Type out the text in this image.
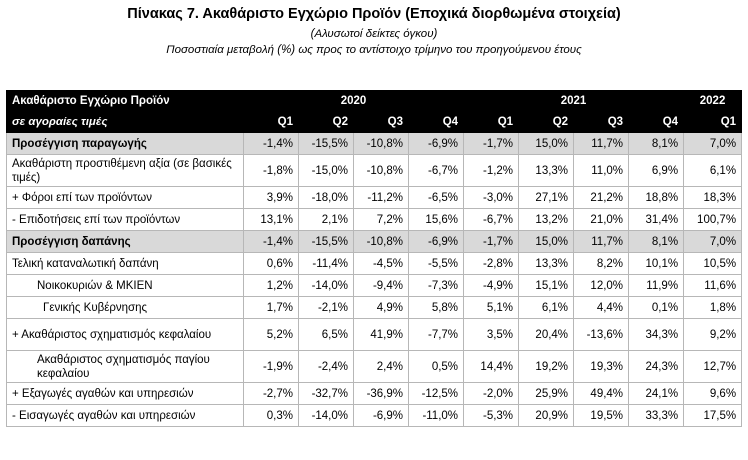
Πίνακας 7. Ακαθάριστο Εγχώριο Προϊόν (Εποχικά διορθωμένα στοιχεία)
(Αλυσωτοί δείκτες όγκου)
Ποσοστιαία μεταβολή (%) ως προς το αντίστοιχο τρίμηνο του προηγούμενου έτους
Ακαθάριστο Εγχώριο Προϊόν	2020				2021				2022
σε αγοραίες τιμές	Q1	Q2	Q3	Q4	Q1	Q2	Q3	Q4	Q1
Προσέγγιση παραγωγής	-1,4%	-15,5%	-10,8%	-6,9%	-1,7%	15,0%	11,7%	8,1%	7,0%
Ακαθάριστη προστιθέμενη αξία (σε βασικές τιμές)	-1,8%	-15,0%	-10,8%	-6,7%	-1,2%	13,3%	11,0%	6,9%	6,1%
+ Φόροι επί των προϊόντων	3,9%	-18,0%	-11,2%	-6,5%	-3,0%	27,1%	21,2%	18,8%	18,3%
- Επιδοτήσεις επί των προϊόντων	13,1%	2,1%	7,2%	15,6%	-6,7%	13,2%	21,0%	31,4%	100,7%
Προσέγγιση δαπάνης	-1,4%	-15,5%	-10,8%	-6,9%	-1,7%	15,0%	11,7%	8,1%	7,0%
Τελική καταναλωτική δαπάνη	0,6%	-11,4%	-4,5%	-5,5%	-2,8%	13,3%	8,2%	10,1%	10,5%
Νοικοκυριών & ΜΚΙΕΝ	1,2%	-14,0%	-9,4%	-7,3%	-4,9%	15,1%	12,0%	11,9%	11,6%
Γενικής Κυβέρνησης	1,7%	-2,1%	4,9%	5,8%	5,1%	6,1%	4,4%	0,1%	1,8%
+ Ακαθάριστος σχηματισμός κεφαλαίου	5,2%	6,5%	41,9%	-7,7%	3,5%	20,4%	-13,6%	34,3%	9,2%
Ακαθάριστος σχηματισμός παγίου κεφαλαίου	-1,9%	-2,4%	2,4%	0,5%	14,4%	19,2%	19,3%	24,3%	12,7%
+ Εξαγωγές αγαθών και υπηρεσιών	-2,7%	-32,7%	-36,9%	-12,5%	-2,0%	25,9%	49,4%	24,1%	9,6%
- Εισαγωγές αγαθών και υπηρεσιών	0,3%	-14,0%	-6,9%	-11,0%	-5,3%	20,9%	19,5%	33,3%	17,5%
